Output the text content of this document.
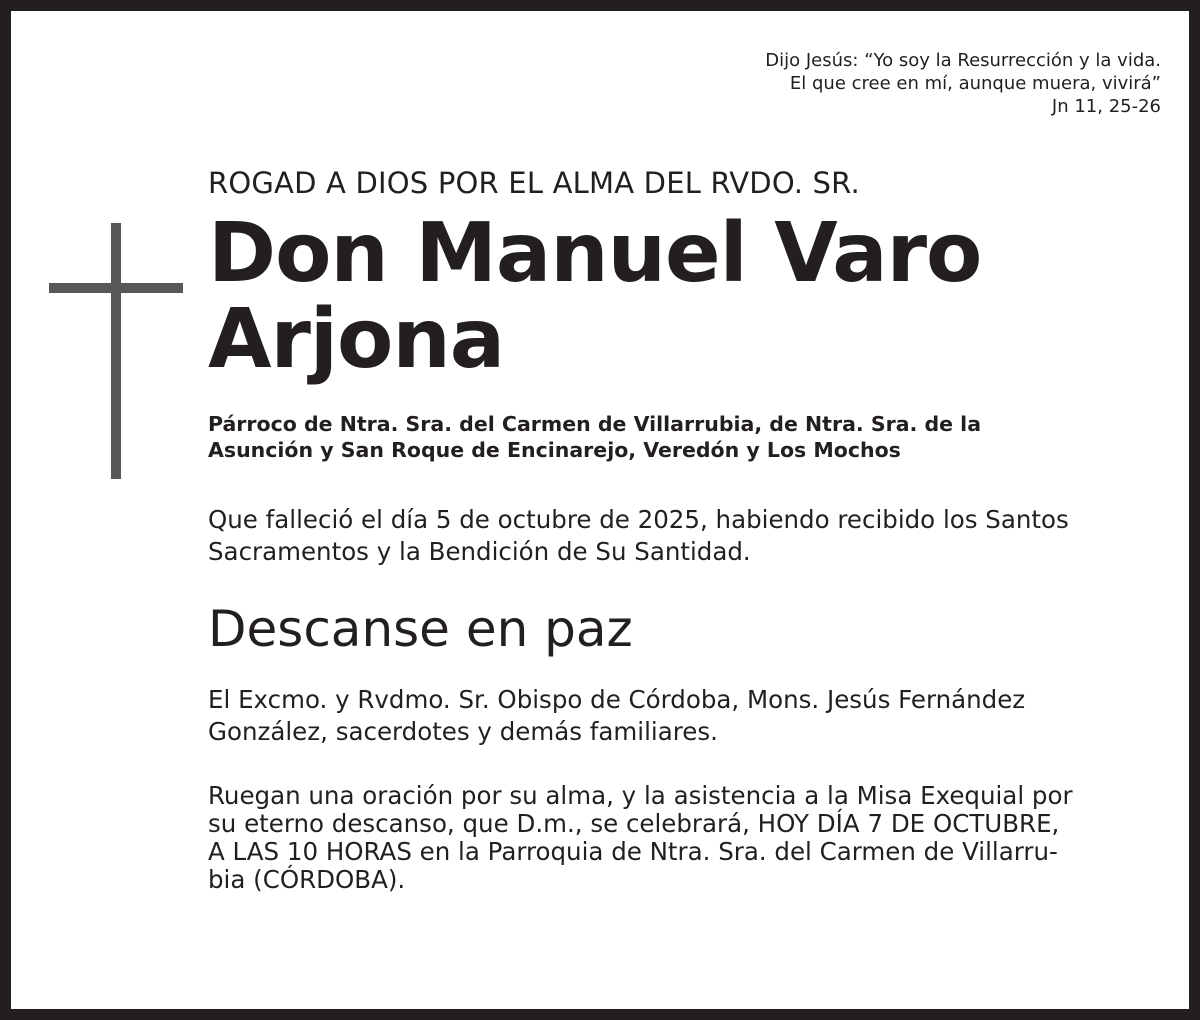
Dijo Jesús: “Yo soy la Resurrección y la vida.
El que cree en mí, aunque muera, vivirá”
Jn 11, 25-26
ROGAD A DIOS POR EL ALMA DEL RVDO. SR.
Don Manuel Varo
Arjona
Párroco de Ntra. Sra. del Carmen de Villarrubia, de Ntra. Sra. de la
Asunción y San Roque de Encinarejo, Veredón y Los Mochos
Que falleció el día 5 de octubre de 2025, habiendo recibido los Santos
Sacramentos y la Bendición de Su Santidad.
Descanse en paz
El Excmo. y Rvdmo. Sr. Obispo de Córdoba, Mons. Jesús Fernández
González, sacerdotes y demás familiares.
Ruegan una oración por su alma, y la asistencia a la Misa Exequial por
su eterno descanso, que D.m., se celebrará, HOY DÍA 7 DE OCTUBRE,
A LAS 10 HORAS en la Parroquia de Ntra. Sra. del Carmen de Villarru-
bia (CÓRDOBA).
